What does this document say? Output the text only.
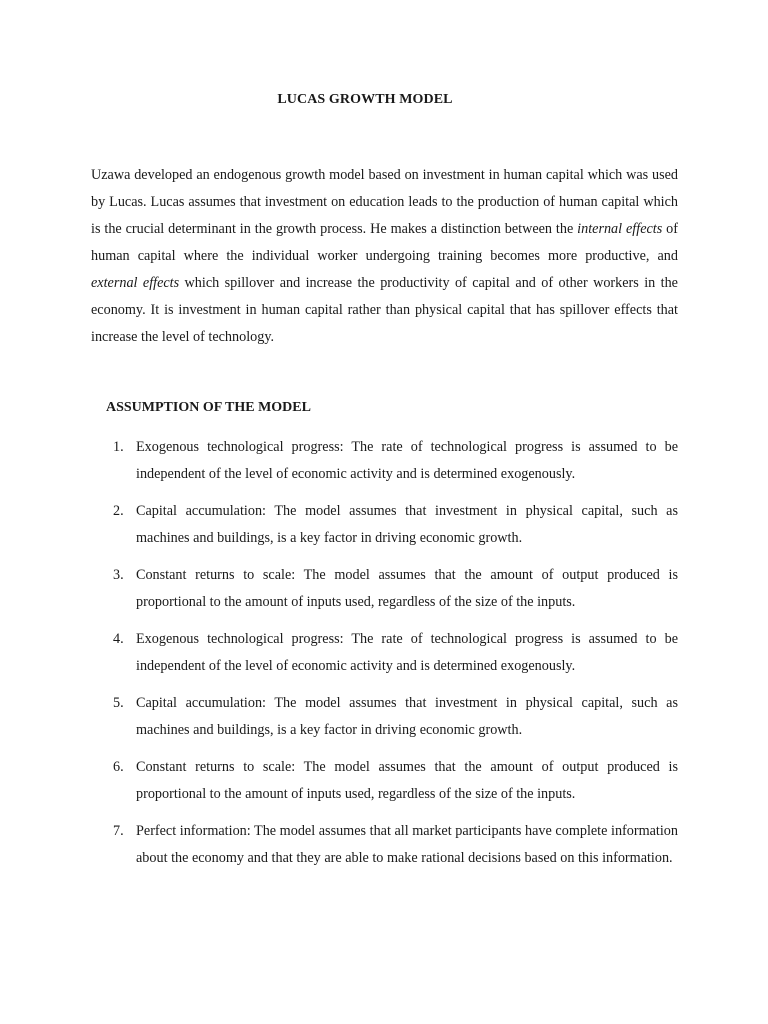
LUCAS GROWTH MODEL

Uzawa developed an endogenous growth model based on investment in human capital which was used by Lucas. Lucas assumes that investment on education leads to the production of human capital which is the crucial determinant in the growth process. He makes a distinction between the internal effects of human capital where the individual worker undergoing training becomes more productive, and external effects which spillover and increase the productivity of capital and of other workers in the economy. It is investment in human capital rather than physical capital that has spillover effects that increase the level of technology.

ASSUMPTION OF THE MODEL
1. Exogenous technological progress: The rate of technological progress is assumed to be independent of the level of economic activity and is determined exogenously.
2. Capital accumulation: The model assumes that investment in physical capital, such as machines and buildings, is a key factor in driving economic growth.
3. Constant returns to scale: The model assumes that the amount of output produced is proportional to the amount of inputs used, regardless of the size of the inputs.
4. Exogenous technological progress: The rate of technological progress is assumed to be independent of the level of economic activity and is determined exogenously.
5. Capital accumulation: The model assumes that investment in physical capital, such as machines and buildings, is a key factor in driving economic growth.
6. Constant returns to scale: The model assumes that the amount of output produced is proportional to the amount of inputs used, regardless of the size of the inputs.
7. Perfect information: The model assumes that all market participants have complete information about the economy and that they are able to make rational decisions based on this information.
